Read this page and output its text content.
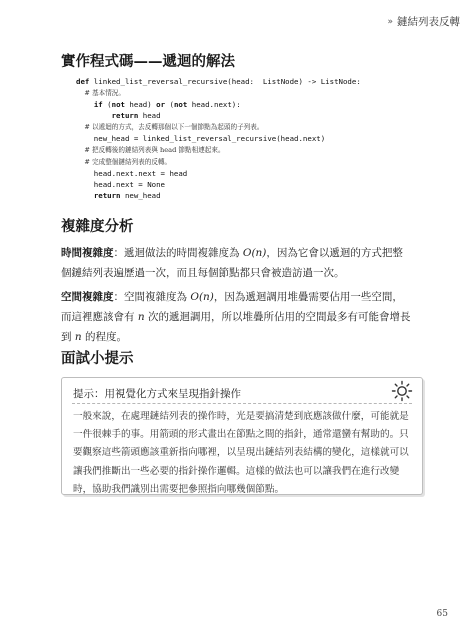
» 鏈結列表反轉
實作程式碼——遞迴的解法
def linked_list_reversal_recursive(head:  ListNode) -> ListNode:
# 基本情況。
if (not head) or (not head.next):
return head
# 以遞迴的方式，去反轉那個以下一個節點為起頭的子列表。
new_head = linked_list_reversal_recursive(head.next)
# 把反轉後的鏈結列表與 head 節點相連起來。
# 完成整個鏈結列表的反轉。
head.next.next = head
head.next = None
return new_head
複雜度分析

時間複雜度：遞迴做法的時間複雜度為 O(n)，因為它會以遞迴的方式把整個鏈結列表遍歷過一次，而且每個節點都只會被造訪過一次。

空間複雜度：空間複雜度為 O(n)，因為遞迴調用堆疊需要佔用一些空間，而這裡應該會有 n 次的遞迴調用，所以堆疊所佔用的空間最多有可能會增長到 n 的程度。

面試小提示
提示：用視覺化方式來呈現指針操作

一般來說，在處理鏈結列表的操作時，光是要搞清楚到底應該做什麼，可能就是一件很棘手的事。用箭頭的形式畫出在節點之間的指針，通常還蠻有幫助的。只要觀察這些箭頭應該重新指向哪裡，以呈現出鏈結列表結構的變化，這樣就可以讓我們推斷出一些必要的指針操作邏輯。這樣的做法也可以讓我們在進行改變時，協助我們識別出需要把參照指向哪幾個節點。

65
